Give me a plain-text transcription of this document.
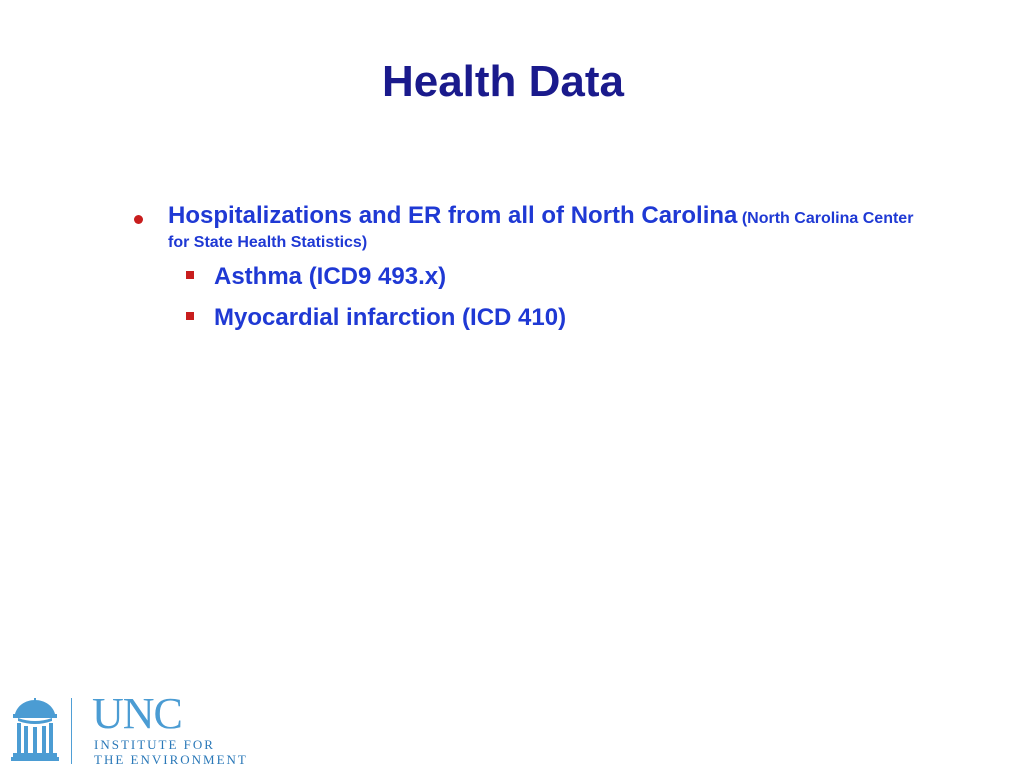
Health Data
Hospitalizations and ER from all of North Carolina (North Carolina Center for State Health Statistics)
Asthma (ICD9 493.x)
Myocardial infarction (ICD 410)
UNC
INSTITUTE FOR
THE ENVIRONMENT
